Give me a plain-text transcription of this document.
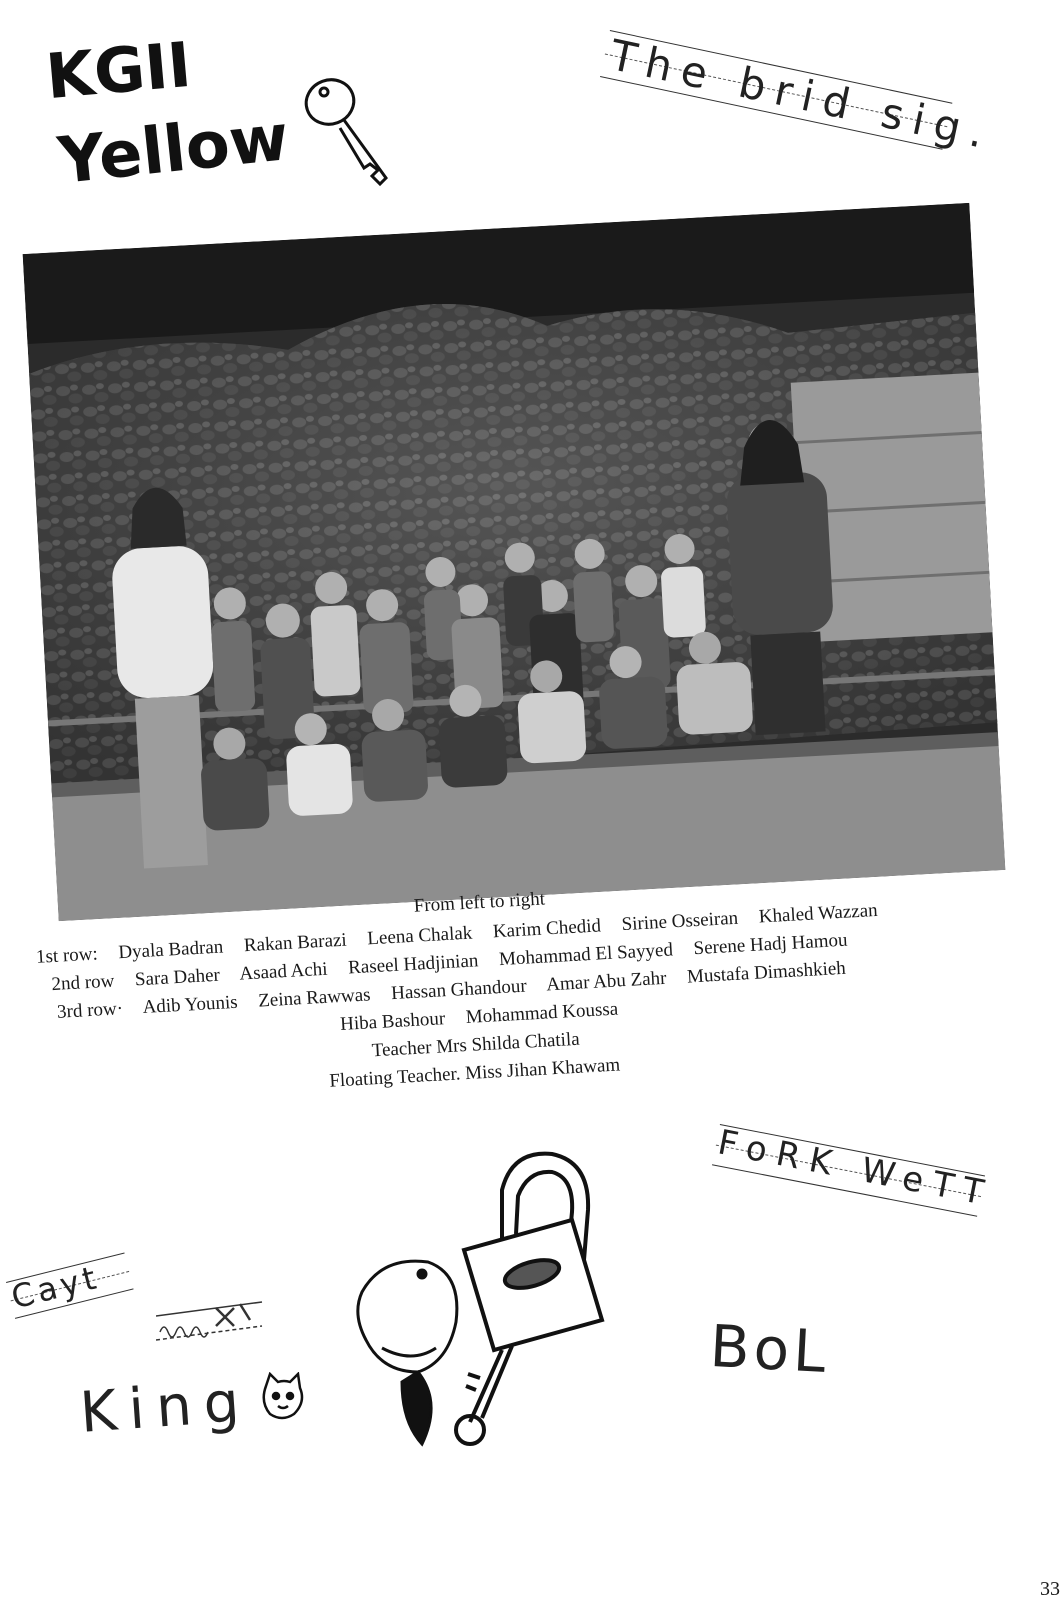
KGII
Yellow	The brid sig.
From left to right
1st row: Dyala Badran Rakan Barazi Leena Chalak Karim Chedid Sirine Osseiran Khaled Wazzan
2nd row Sara Daher Asaad Achi Raseel Hadjinian Mohammad El Sayyed Serene Hadj Hamou
3rd row· Adib Younis Zeina Rawwas Hassan Ghandour Amar Abu Zahr Mustafa Dimashkieh
Hiba Bashour Mohammad Koussa
Teacher Mrs Shilda Chatila
Floating Teacher. Miss Jihan Khawam
FoRK WeTT
Cayt
King
BoL
33
